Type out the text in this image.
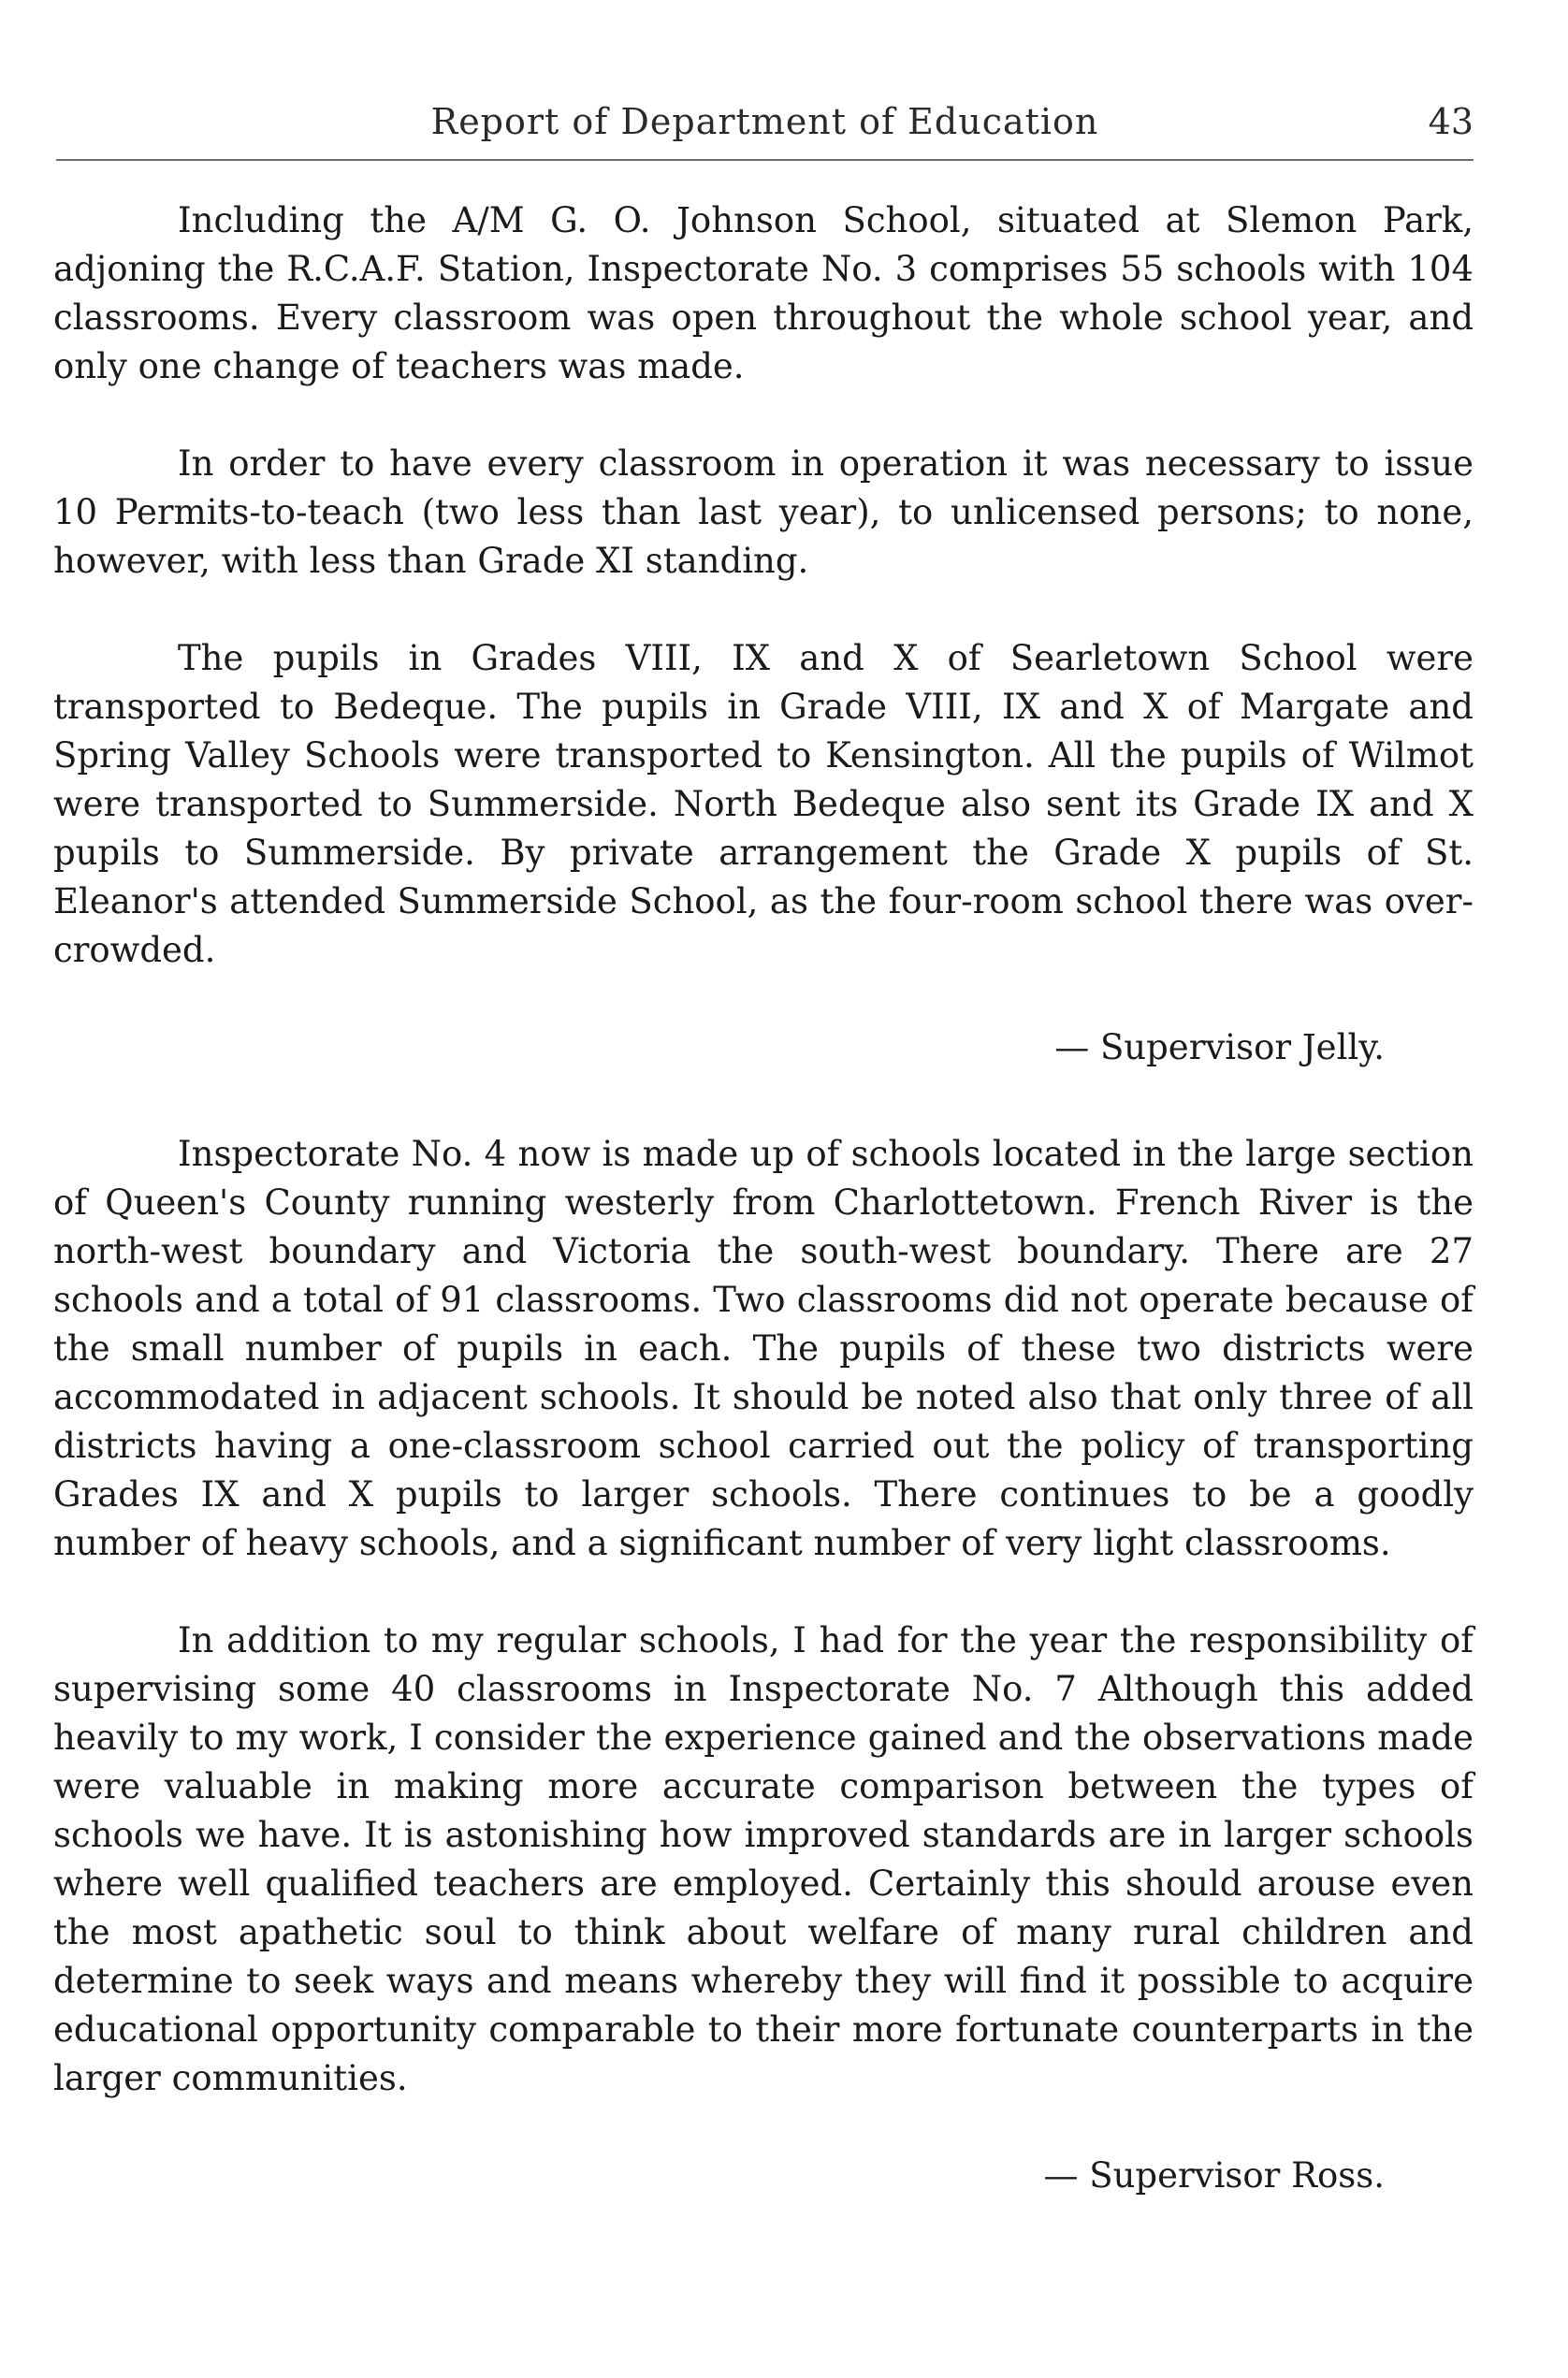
Report of Department of Education	43

Including the A/M G. O. Johnson School, situated at Slemon Park, adjoning the R.C.A.F. Station, Inspectorate No. 3 comprises 55 schools with 104 classrooms. Every classroom was open throughout the whole school year, and only one change of teachers was made.

In order to have every classroom in operation it was necessary to issue 10 Permits-to-teach (two less than last year), to unlicensed persons; to none, however, with less than Grade XI standing.

The pupils in Grades VIII, IX and X of Searletown School were transported to Bedeque. The pupils in Grade VIII, IX and X of Margate and Spring Valley Schools were transported to Kensington. All the pupils of Wilmot were transported to Summerside. North Bedeque also sent its Grade IX and X pupils to Summerside. By private arrangement the Grade X pupils of St. Eleanor's attended Summerside School, as the four-room school there was over-crowded.

— Supervisor Jelly.

Inspectorate No. 4 now is made up of schools located in the large section of Queen's County running westerly from Charlottetown. French River is the north-west boundary and Victoria the south-west boundary. There are 27 schools and a total of 91 classrooms. Two classrooms did not operate because of the small number of pupils in each. The pupils of these two districts were accommodated in adjacent schools. It should be noted also that only three of all districts having a one-classroom school carried out the policy of transporting Grades IX and X pupils to larger schools. There continues to be a goodly number of heavy schools, and a significant number of very light classrooms.

In addition to my regular schools, I had for the year the responsibility of supervising some 40 classrooms in Inspectorate No. 7 Although this added heavily to my work, I consider the experience gained and the observations made were valuable in making more accurate comparison between the types of schools we have. It is astonishing how improved standards are in larger schools where well qualified teachers are employed. Certainly this should arouse even the most apathetic soul to think about welfare of many rural children and determine to seek ways and means whereby they will find it possible to acquire educational opportunity comparable to their more fortunate counterparts in the larger communities.

— Supervisor Ross.
